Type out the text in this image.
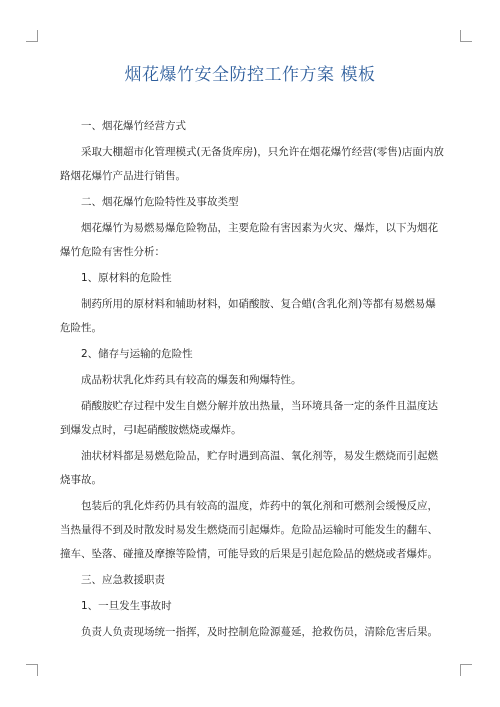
烟花爆竹安全防控工作方案 模板

一、烟花爆竹经营方式

采取大棚超市化管理模式(无备货库房)，只允许在烟花爆竹经营(零售)店面内放路烟花爆竹产品进行销售。

二、烟花爆竹危险特性及事故类型

烟花爆竹为易燃易爆危险物品，主要危险有害因素为火灾、爆炸，以下为烟花爆竹危险有害性分析：

1、原材料的危险性

制药所用的原材料和辅助材料，如硝酸胺、复合蜡(含乳化剂)等都有易燃易爆危险性。

2、储存与运输的危险性

成品粉状乳化炸药具有较高的爆轰和殉爆特性。

硝酸胺贮存过程中发生自燃分解并放出热量，当环境具备一定的条件且温度达到爆发点时，弓I起硝酸胺燃烧或爆炸。

油状材料都是易燃危险品，贮存时遇到高温、氧化剂等，易发生燃烧而引起燃烧事故。

包装后的乳化炸药仍具有较高的温度，炸药中的氧化剂和可燃剂会缓慢反应，当热量得不到及时散发时易发生燃烧而引起爆炸。危险品运输时可能发生的翻车、撞车、坠落、碰撞及摩擦等险情，可能导致的后果是引起危险品的燃烧或者爆炸。

三、应急救援职责

1、一旦发生事故时

负责人负责现场统一指挥，及时控制危险源蔓延，抢救伤员，清除危害后果。
